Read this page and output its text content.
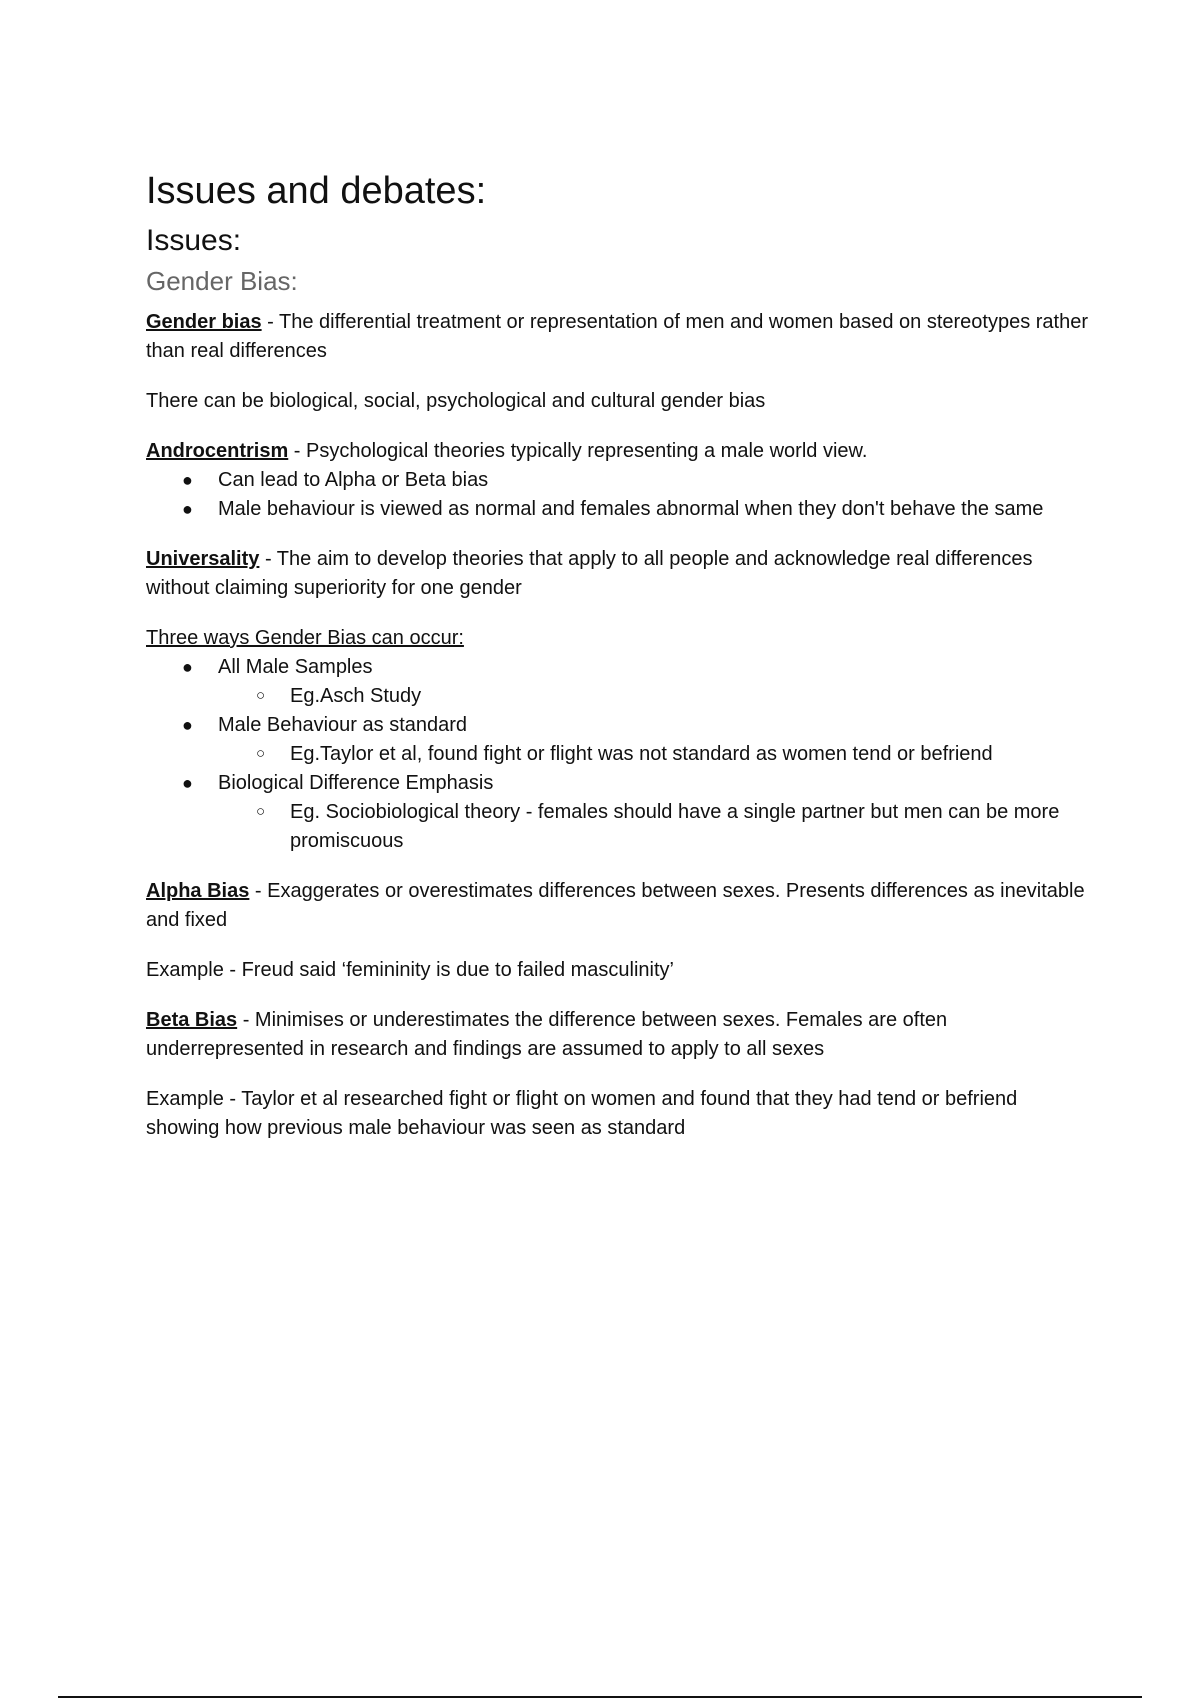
Issues and debates:
Issues:
Gender Bias:

Gender bias - The differential treatment or representation of men and women based on stereotypes rather than real differences

There can be biological, social, psychological and cultural gender bias

Androcentrism - Psychological theories typically representing a male world view.

● Can lead to Alpha or Beta bias
● Male behaviour is viewed as normal and females abnormal when they don't behave the same

Universality - The aim to develop theories that apply to all people and acknowledge real differences without claiming superiority for one gender

Three ways Gender Bias can occur:

● All Male Samples
○ Eg.Asch Study
● Male Behaviour as standard
○ Eg.Taylor et al, found fight or flight was not standard as women tend or befriend
● Biological Difference Emphasis
○ Eg. Sociobiological theory - females should have a single partner but men can be more promiscuous

Alpha Bias - Exaggerates or overestimates differences between sexes. Presents differences as inevitable and fixed

Example - Freud said ‘femininity is due to failed masculinity’

Beta Bias - Minimises or underestimates the difference between sexes. Females are often underrepresented in research and findings are assumed to apply to all sexes

Example - Taylor et al researched fight or flight on women and found that they had tend or befriend showing how previous male behaviour was seen as standard
